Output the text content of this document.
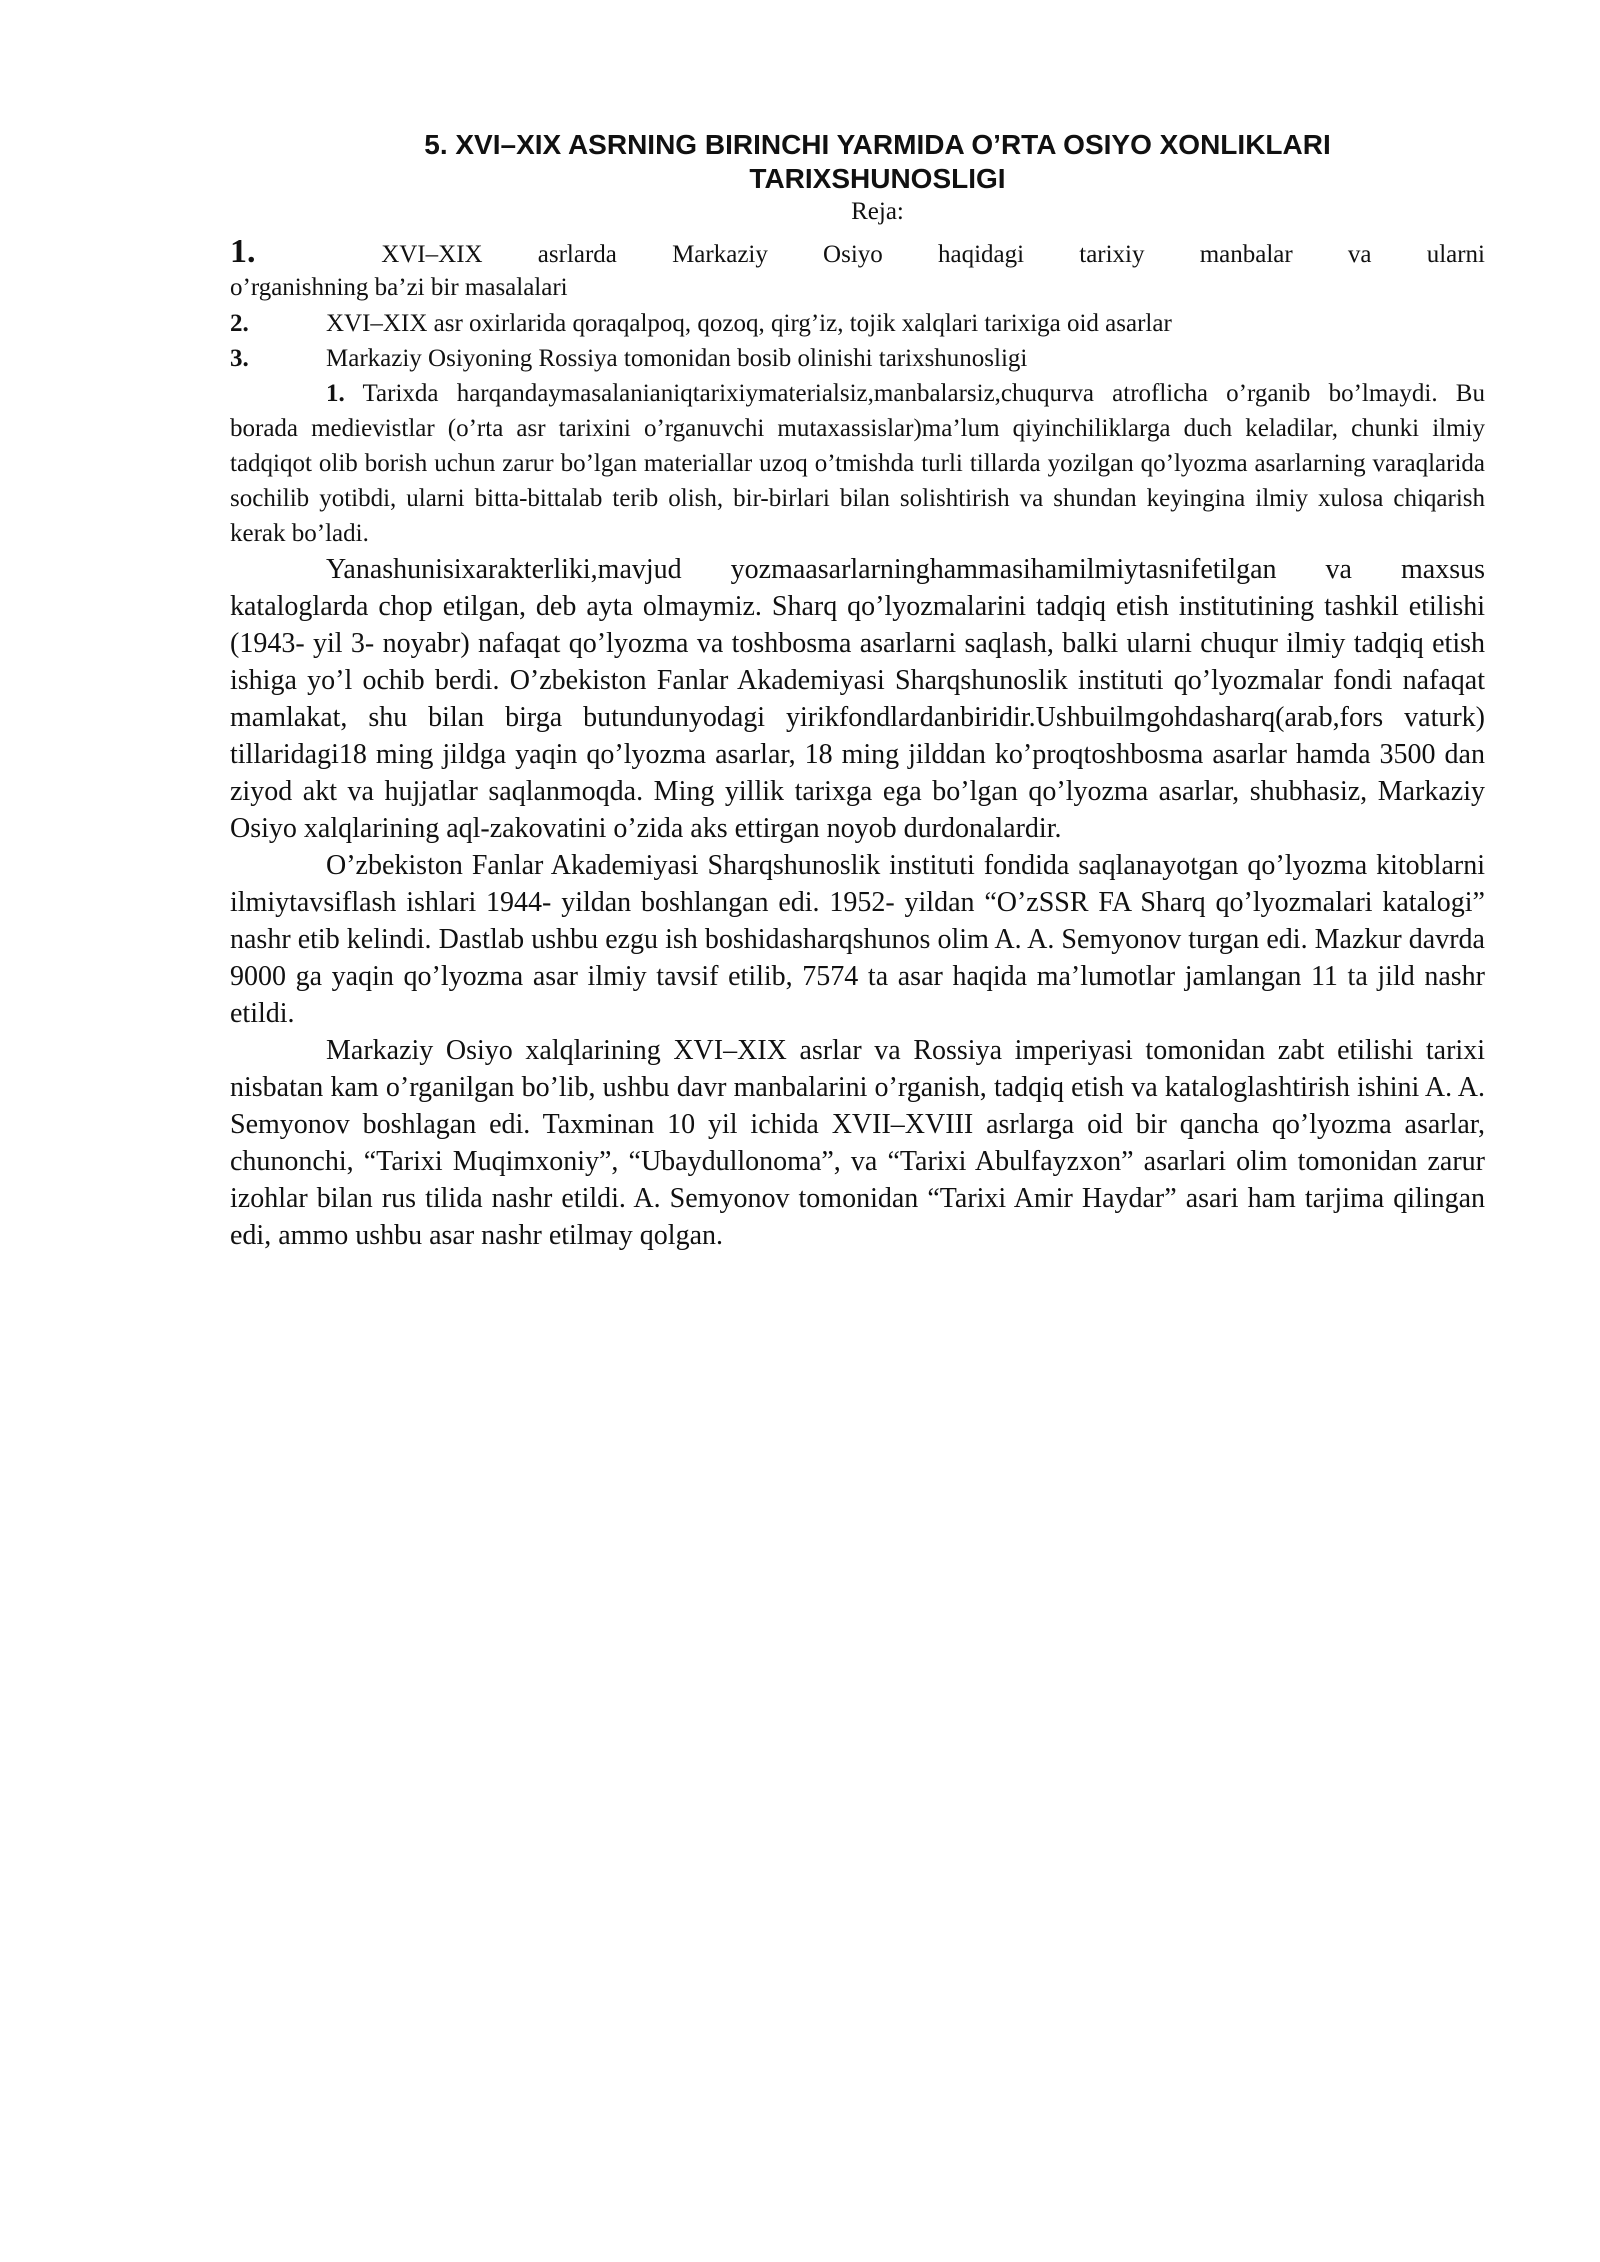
5. XVI–XIX ASRNING BIRINCHI YARMIDA O’RTA OSIYO XONLIKLARI
TARIXSHUNOSLIGI
Reja:
1.	XVI–XIX asrlarda Markaziy Osiyo haqidagi tarixiy manbalar va ularni
o’rganishning ba’zi bir masalalari
2.	XVI–XIX asr oxirlarida qoraqalpoq, qozoq, qirg’iz, tojik xalqlari tarixiga oid asarlar
3.	Markaziy Osiyoning Rossiya tomonidan bosib olinishi tarixshunosligi

1. Tarixda harqandaymasalanianiqtarixiymaterialsiz,manbalarsiz,chuqurva atroflicha o’rganib bo’lmaydi. Bu borada medievistlar (o’rta asr tarixini o’rganuvchi mutaxassislar)ma’lum qiyinchiliklarga duch keladilar, chunki ilmiy tadqiqot olib borish uchun zarur bo’lgan materiallar uzoq o’tmishda turli tillarda yozilgan qo’lyozma asarlarning varaqlarida sochilib yotibdi, ularni bitta-bittalab terib olish, bir-birlari bilan solishtirish va shundan keyingina ilmiy xulosa chiqarish kerak bo’ladi.

Yanashunisixarakterliki,mavjud yozmaasarlarninghammasihamilmiytasnifetilgan va maxsus kataloglarda chop etilgan, deb ayta olmaymiz. Sharq qo’lyozmalarini tadqiq etish institutining tashkil etilishi (1943- yil 3- noyabr) nafaqat qo’lyozma va toshbosma asarlarni saqlash, balki ularni chuqur ilmiy tadqiq etish ishiga yo’l ochib berdi. O’zbekiston Fanlar Akademiyasi Sharqshunoslik instituti qo’lyozmalar fondi nafaqat mamlakat, shu bilan birga butundunyodagi yirikfondlardanbiridir.Ushbuilmgohdasharq(arab,fors vaturk) tillaridagi18 ming jildga yaqin qo’lyozma asarlar, 18 ming jilddan ko’proqtoshbosma asarlar hamda 3500 dan ziyod akt va hujjatlar saqlanmoqda. Ming yillik tarixga ega bo’lgan qo’lyozma asarlar, shubhasiz, Markaziy Osiyo xalqlarining aql-zakovatini o’zida aks ettirgan noyob durdonalardir.

O’zbekiston Fanlar Akademiyasi Sharqshunoslik instituti fondida saqlanayotgan qo’lyozma kitoblarni ilmiytavsiflash ishlari 1944- yildan boshlangan edi. 1952- yildan “O’zSSR FA Sharq qo’lyozmalari katalogi” nashr etib kelindi. Dastlab ushbu ezgu ish boshidasharqshunos olim A. A. Semyonov turgan edi. Mazkur davrda 9000 ga yaqin qo’lyozma asar ilmiy tavsif etilib, 7574 ta asar haqida ma’lumotlar jamlangan 11 ta jild nashr etildi.

Markaziy Osiyo xalqlarining XVI–XIX asrlar va Rossiya imperiyasi tomonidan zabt etilishi tarixi nisbatan kam o’rganilgan bo’lib, ushbu davr manbalarini o’rganish, tadqiq etish va kataloglashtirish ishini A. A. Semyonov boshlagan edi. Taxminan 10 yil ichida XVII–XVIII asrlarga oid bir qancha qo’lyozma asarlar, chunonchi, “Tarixi Muqimxoniy”, “Ubaydullonoma”, va “Tarixi Abulfayzxon” asarlari olim tomonidan zarur izohlar bilan rus tilida nashr etildi. A. Semyonov tomonidan “Tarixi Amir Haydar” asari ham tarjima qilingan edi, ammo ushbu asar nashr etilmay qolgan.
